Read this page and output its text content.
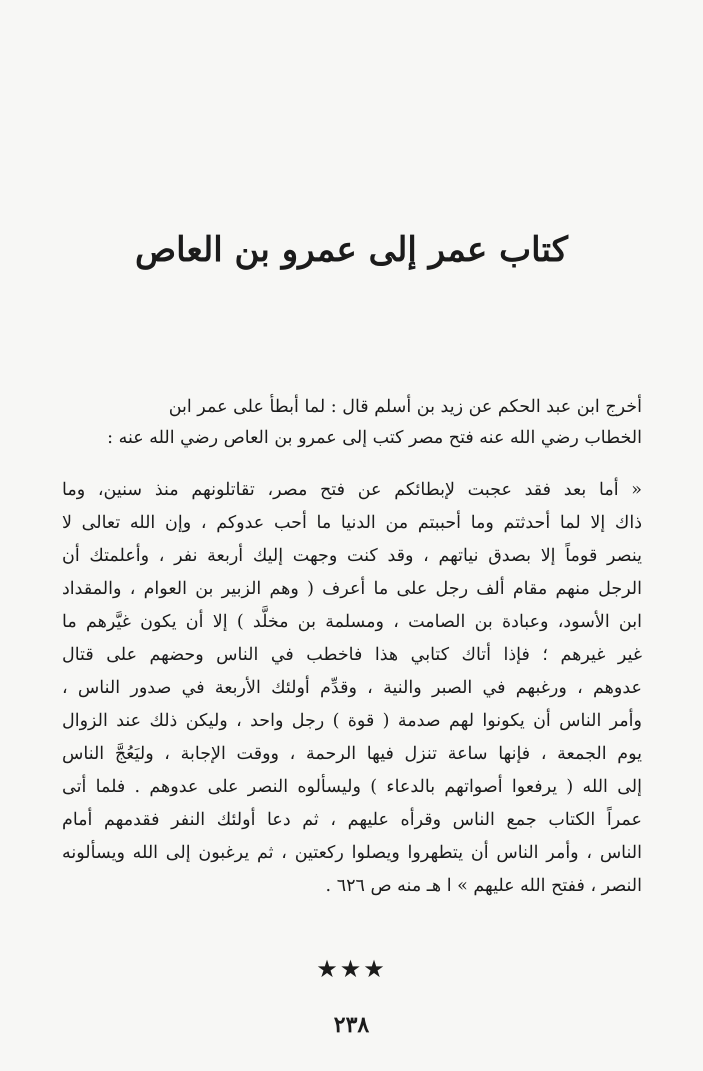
كتاب عمر إلى عمرو بن العاص

أخرج ابن عبد الحكم عن زيد بن أسلم قال : لما أبطأ على عمر ابن

الخطاب رضي الله عنه فتح مصر كتب إلى عمرو بن العاص رضي الله عنه :

« أما بعد فقد عجبت لإبطائكم عن فتح مصر، تقاتلونهم منذ سنين، وما

ذاك إلا لما أحدثتم وما أحببتم من الدنيا ما أحب عدوكم ، وإن الله تعالى لا

ينصر قوماً إلا بصدق نياتهم ، وقد كنت وجهت إليك أربعة نفر ، وأعلمتك أن

الرجل منهم مقام ألف رجل على ما أعرف ( وهم الزبير بن العوام ، والمقداد

ابن الأسود، وعبادة بن الصامت ، ومسلمة بن مخلَّد ) إلا أن يكون غيَّرهم ما

غير غيرهم ؛ فإذا أتاك كتابي هذا فاخطب في الناس وحضهم على قتال

عدوهم ، ورغبهم في الصبر والنية ، وقدِّم أولئك الأربعة في صدور الناس ،

وأمر الناس أن يكونوا لهم صدمة ( قوة ) رجل واحد ، وليكن ذلك عند الزوال

يوم الجمعة ، فإنها ساعة تنزل فيها الرحمة ، ووقت الإجابة ، وليَعُجَّ الناس

إلى الله ( يرفعوا أصواتهم بالدعاء ) وليسألوه النصر على عدوهم . فلما أتى

عمراً الكتاب جمع الناس وقرأه عليهم ، ثم دعا أولئك النفر فقدمهم أمام

الناس ، وأمر الناس أن يتطهروا ويصلوا ركعتين ، ثم يرغبون إلى الله ويسألونه

النصر ، ففتح الله عليهم » ا هـ منه ص ٦٢٦ .

★★★
٢٣٨
